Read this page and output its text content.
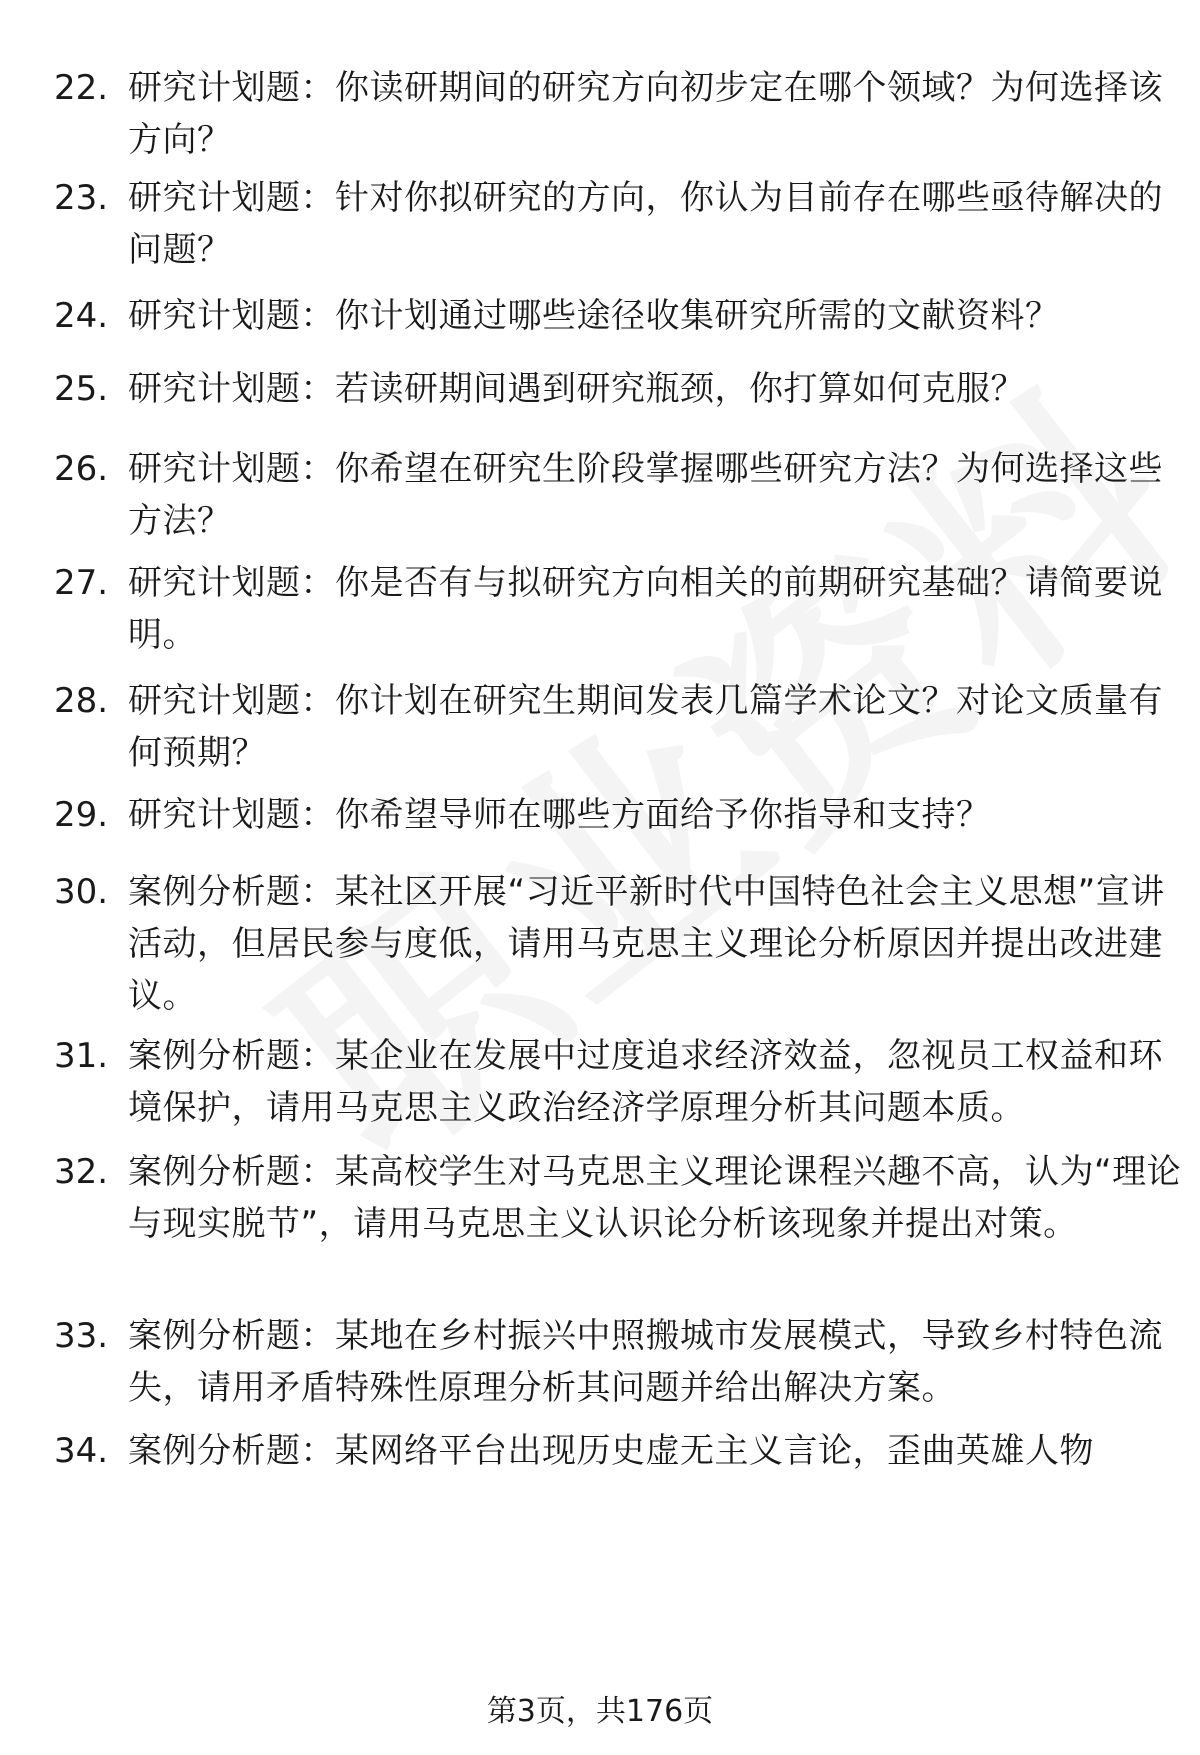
22. 研究计划题：你读研期间的研究方向初步定在哪个领域？为何选择该方向？
23. 研究计划题：针对你拟研究的方向，你认为目前存在哪些亟待解决的问题？
24. 研究计划题：你计划通过哪些途径收集研究所需的文献资料？
25. 研究计划题：若读研期间遇到研究瓶颈，你打算如何克服？
26. 研究计划题：你希望在研究生阶段掌握哪些研究方法？为何选择这些方法？
27. 研究计划题：你是否有与拟研究方向相关的前期研究基础？请简要说明。
28. 研究计划题：你计划在研究生期间发表几篇学术论文？对论文质量有何预期？
29. 研究计划题：你希望导师在哪些方面给予你指导和支持？
30. 案例分析题：某社区开展“习近平新时代中国特色社会主义思想”宣讲活动，但居民参与度低，请用马克思主义理论分析原因并提出改进建议。
31. 案例分析题：某企业在发展中过度追求经济效益，忽视员工权益和环境保护，请用马克思主义政治经济学原理分析其问题本质。
32. 案例分析题：某高校学生对马克思主义理论课程兴趣不高，认为“理论与现实脱节”，请用马克思主义认识论分析该现象并提出对策。
33. 案例分析题：某地在乡村振兴中照搬城市发展模式，导致乡村特色流失，请用矛盾特殊性原理分析其问题并给出解决方案。
34. 案例分析题：某网络平台出现历史虚无主义言论，歪曲英雄人物
第3页，共176页
